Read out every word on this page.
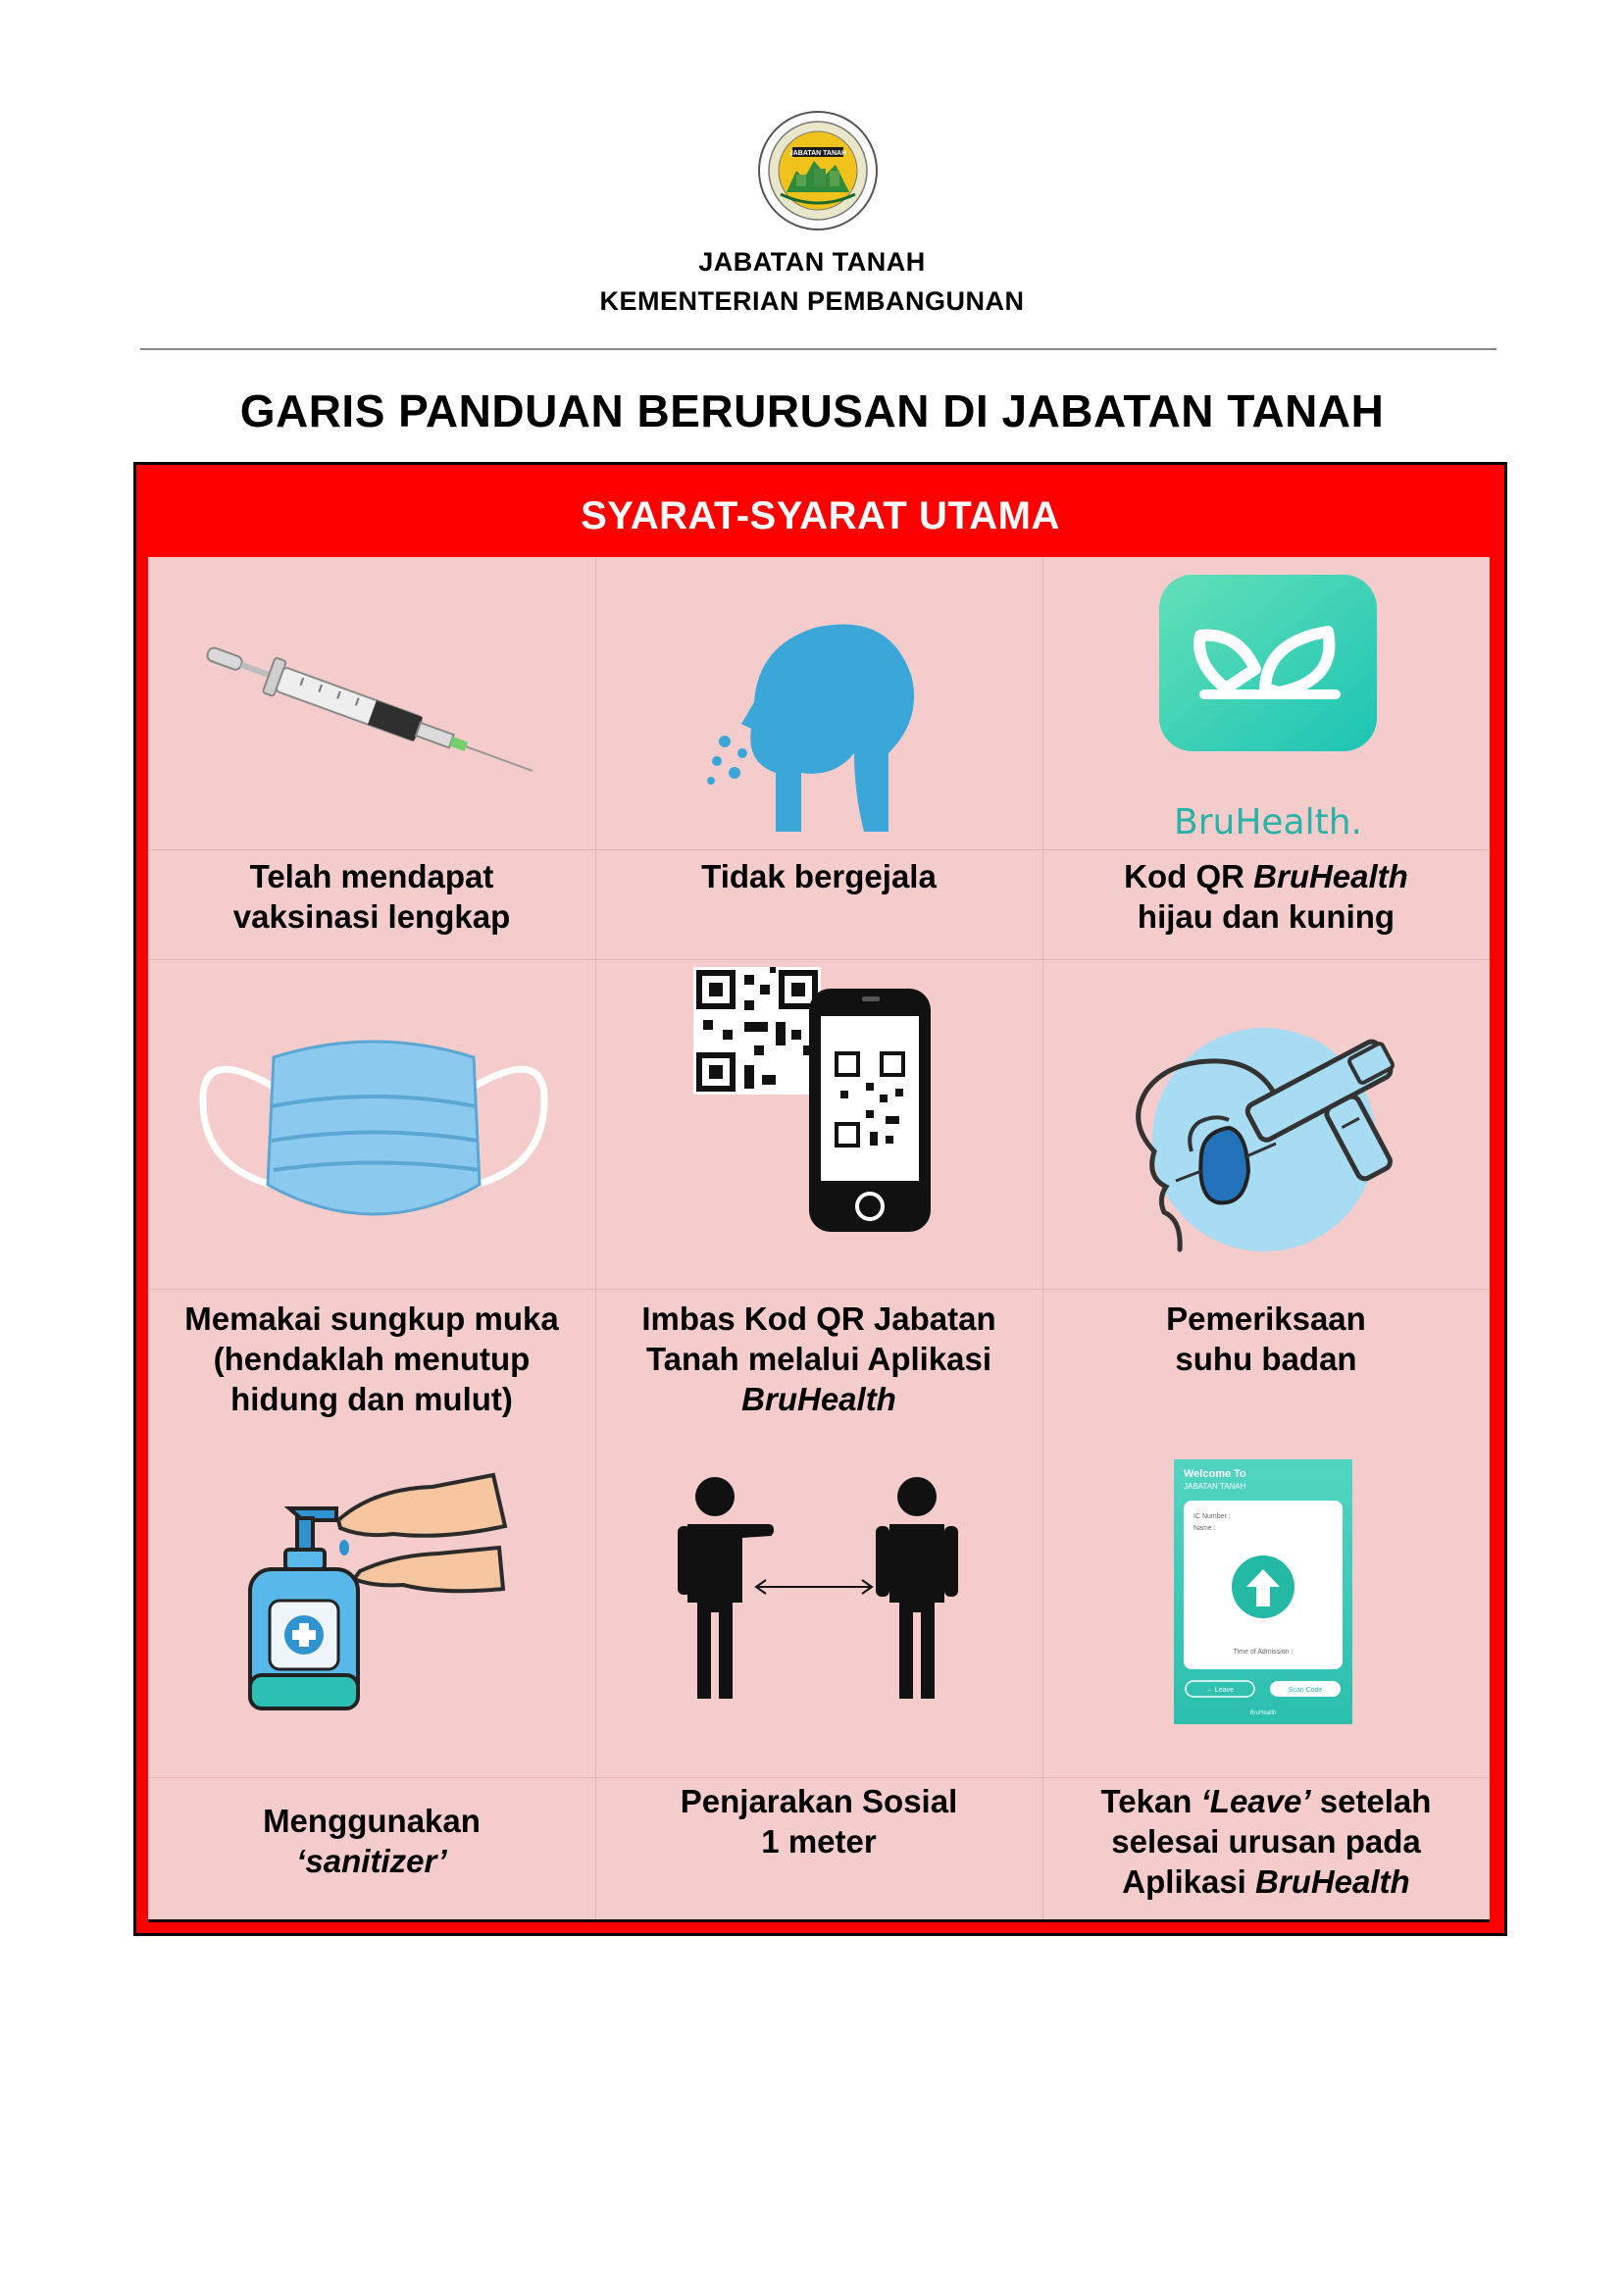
JABATAN TANAH
JABATAN TANAH
KEMENTERIAN PEMBANGUNAN
GARIS PANDUAN BERURUSAN DI JABATAN TANAH
SYARAT-SYARAT UTAMA
BruHealth.
Telah mendapat
vaksinasi lengkap
Tidak bergejala	Kod QR BruHealth
hijau dan kuning
Memakai sungkup muka
(hendaklah menutup
hidung dan mulut)
Imbas Kod QR Jabatan
Tanah melalui Aplikasi
BruHealth
Pemeriksaan
suhu badan
Welcome To
JABATAN TANAH
IC Number :
Name :
Time of Admission :
← Leave	Scan Code
BruHealth
Menggunakan
‘sanitizer’
Penjarakan Sosial
1 meter
Tekan ‘Leave’ setelah
selesai urusan pada
Aplikasi BruHealth
